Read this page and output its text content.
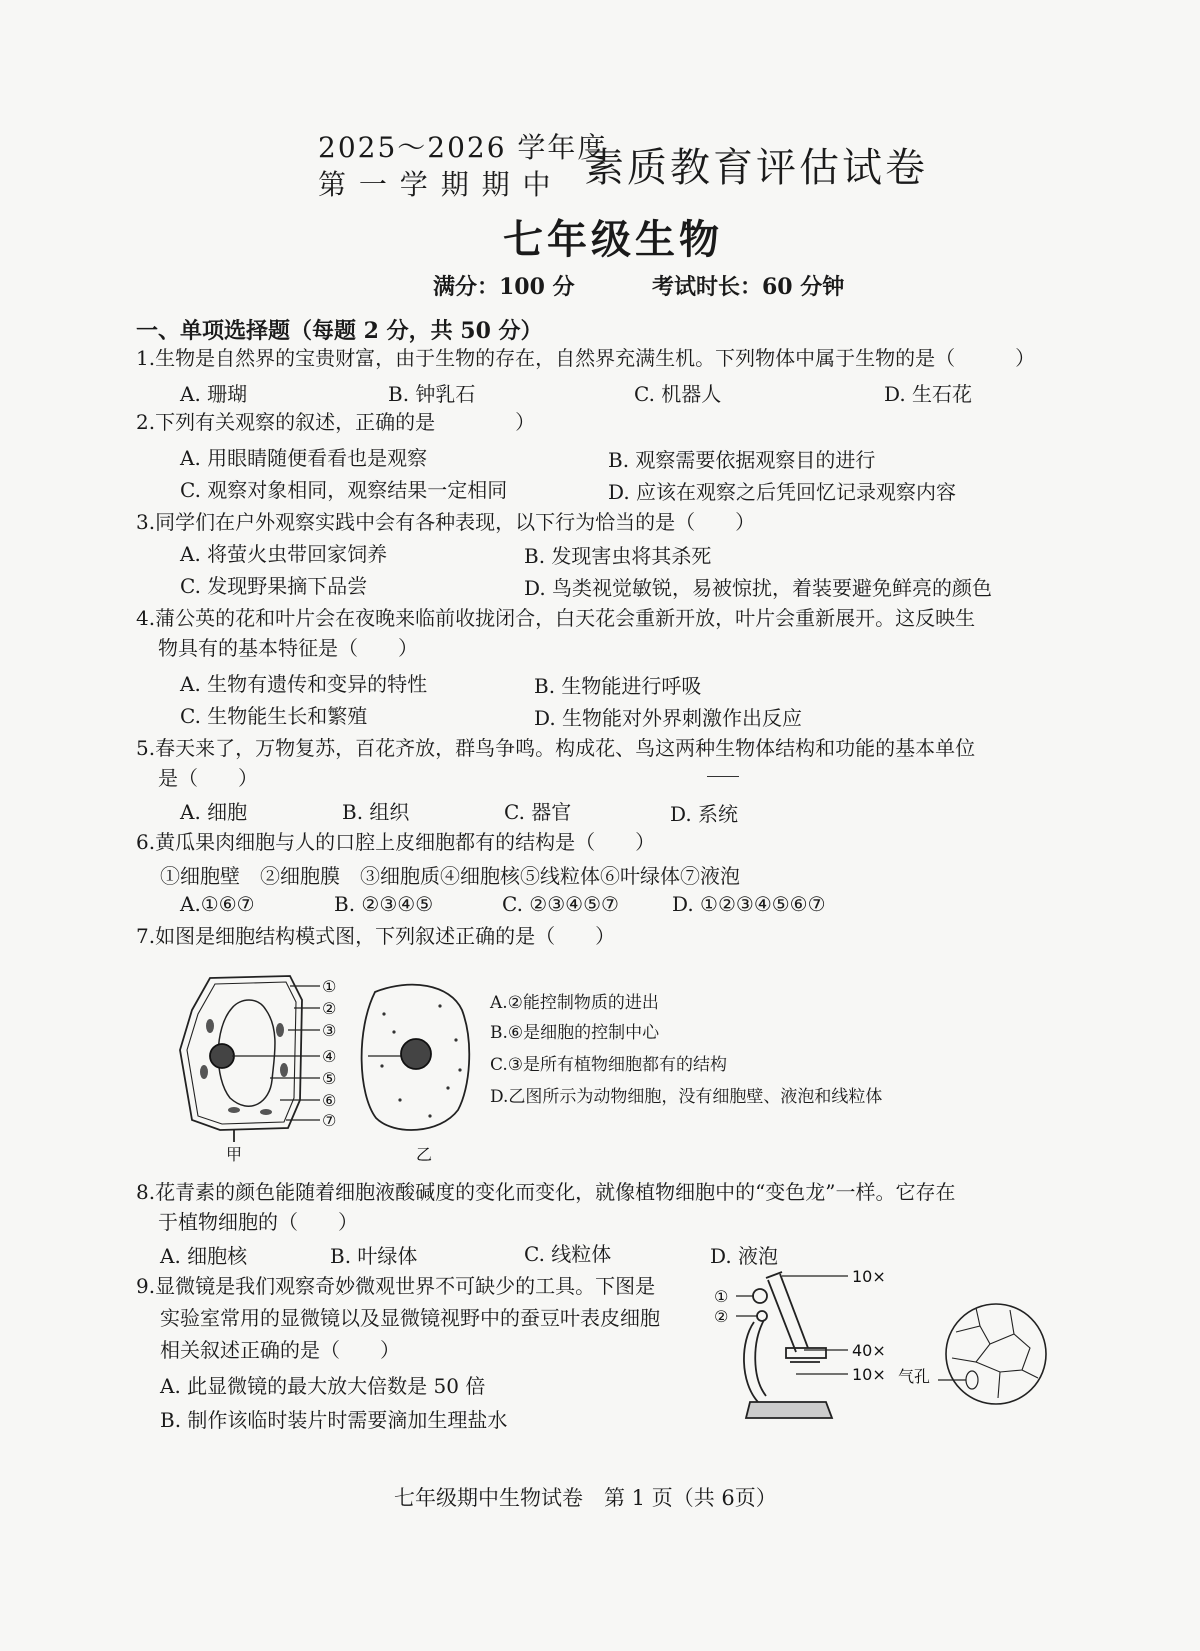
2025～2026 学年度
第 一 学 期 期 中 素质教育评估试卷
七年级生物
满分：100 分	考试时长：60 分钟
一、单项选择题（每题 2 分，共 50 分）
1.生物是自然界的宝贵财富，由于生物的存在，自然界充满生机。下列物体中属于生物的是（　　　）
A. 珊瑚	B. 钟乳石	C. 机器人	D. 生石花
2.下列有关观察的叙述，正确的是　　　　）
A. 用眼睛随便看看也是观察	B. 观察需要依据观察目的进行
C. 观察对象相同，观察结果一定相同	D. 应该在观察之后凭回忆记录观察内容
3.同学们在户外观察实践中会有各种表现，以下行为恰当的是（　　）
A. 将萤火虫带回家饲养	B. 发现害虫将其杀死
C. 发现野果摘下品尝	D. 鸟类视觉敏锐，易被惊扰，着装要避免鲜亮的颜色
4.蒲公英的花和叶片会在夜晚来临前收拢闭合，白天花会重新开放，叶片会重新展开。这反映生
物具有的基本特征是（　　）
A. 生物有遗传和变异的特性	B. 生物能进行呼吸
C. 生物能生长和繁殖	D. 生物能对外界刺激作出反应
5.春天来了，万物复苏，百花齐放，群鸟争鸣。构成花、鸟这两种生物体结构和功能的基本单位
是（　　）
A. 细胞	B. 组织	C. 器官	D. 系统
6.黄瓜果肉细胞与人的口腔上皮细胞都有的结构是（　　）
①细胞壁　②细胞膜　③细胞质④细胞核⑤线粒体⑥叶绿体⑦液泡
A.①⑥⑦	B. ②③④⑤	C. ②③④⑤⑦	D. ①②③④⑤⑥⑦
7.如图是细胞结构模式图，下列叙述正确的是（　　）
①
②
③
④
⑤
⑥
⑦
甲	乙
A.②能控制物质的进出
B.⑥是细胞的控制中心
C.③是所有植物细胞都有的结构
D.乙图所示为动物细胞，没有细胞壁、液泡和线粒体
8.花青素的颜色能随着细胞液酸碱度的变化而变化，就像植物细胞中的“变色龙”一样。它存在
于植物细胞的（　　）
A. 细胞核	B. 叶绿体	C. 线粒体	D. 液泡
9.显微镜是我们观察奇妙微观世界不可缺少的工具。下图是
实验室常用的显微镜以及显微镜视野中的蚕豆叶表皮细胞
相关叙述正确的是（　　）
A. 此显微镜的最大放大倍数是 50 倍
B. 制作该临时装片时需要滴加生理盐水
10×
40×
10×
①
②
气孔
七年级期中生物试卷　第 1 页（共 6页）
